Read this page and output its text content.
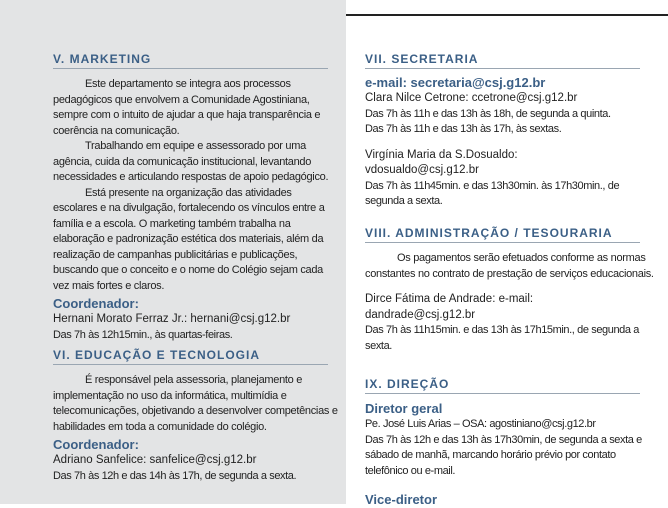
V. MARKETING
Este departamento se integra aos processos pedagógicos que envolvem a Comunidade Agostiniana, sempre com o intuito de ajudar a que haja transparência e coerência na comunicação.
Trabalhando em equipe e assessorado por uma agência, cuida da comunicação institucional, levantando necessidades e articulando respostas de apoio pedagógico.
Está presente na organização das atividades escolares e na divulgação, fortalecendo os vínculos entre a família e a escola. O marketing também trabalha na elaboração e padronização estética dos materiais, além da realização de campanhas publicitárias e publicações, buscando que o conceito e o nome do Colégio sejam cada vez mais fortes e claros.
Coordenador:
Hernani Morato Ferraz Jr.: hernani@csj.g12.br
Das 7h às 12h15min., às quartas-feiras.
VI. EDUCAÇÃO E TECNOLOGIA
É responsável pela assessoria, planejamento e implementação no uso da informática, multimídia e telecomunicações, objetivando a desenvolver competências e habilidades em toda a comunidade do colégio.
Coordenador:
Adriano Sanfelice: sanfelice@csj.g12.br
Das 7h às 12h e das 14h às 17h, de segunda a sexta.
VII. SECRETARIA
e-mail: secretaria@csj.g12.br
Clara Nilce Cetrone: ccetrone@csj.g12.br
Das 7h às 11h e das 13h às 18h, de segunda a quinta.
Das 7h às 11h e das 13h às 17h, às sextas.
Virgínia Maria da S.Dosualdo:
vdosualdo@csj.g12.br
Das 7h às 11h45min. e das 13h30min. às 17h30min., de segunda a sexta.
VIII. ADMINISTRAÇÃO / TESOURARIA
Os pagamentos serão efetuados conforme as normas constantes no contrato de prestação de serviços educacionais.
Dirce Fátima de Andrade: e-mail:
dandrade@csj.g12.br
Das 7h às 11h15min. e das 13h às 17h15min., de segunda a sexta.
IX. DIREÇÃO
Diretor geral
Pe. José Luis Arias – OSA: agostiniano@csj.g12.br
Das 7h às 12h e das 13h às 17h30min, de segunda a sexta e sábado de manhã, marcando horário prévio por contato telefônico ou e-mail.
Vice-diretor
